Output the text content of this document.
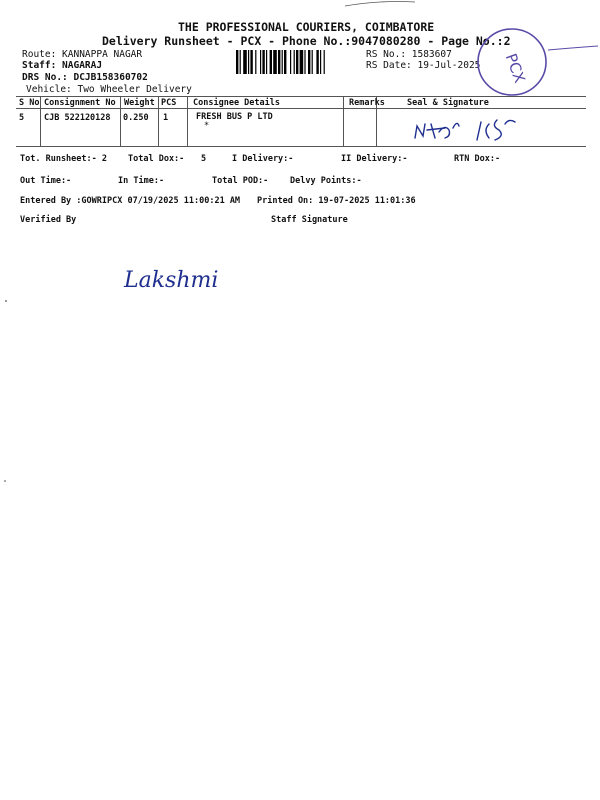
THE PROFESSIONAL COURIERS, COIMBATORE
Delivery Runsheet - PCX - Phone No.:9047080280 - Page No.:2
Route: KANNAPPA NAGAR
Staff: NAGARAJ
DRS No.: DCJB158360702
Vehicle: Two Wheeler Delivery
RS No.: 1583607
RS Date: 19-Jul-2025 PCX
S No Consignment No Weight PCS Consignee Details	Remarks	Seal & Signature
5 CJB 522120128 0.250 1	FRESH BUS P LTD
*
Tot. Runsheet:- 2 Total Dox:- 5	I Delivery:-	II Delivery:-	RTN Dox:-
Out Time:-	In Time:-	Total POD:-	Delvy Points:-
Entered By :GOWRIPCX 07/19/2025 11:00:21 AM Printed On: 19-07-2025 11:01:36
Verified By	Staff Signature
Lakshmi
